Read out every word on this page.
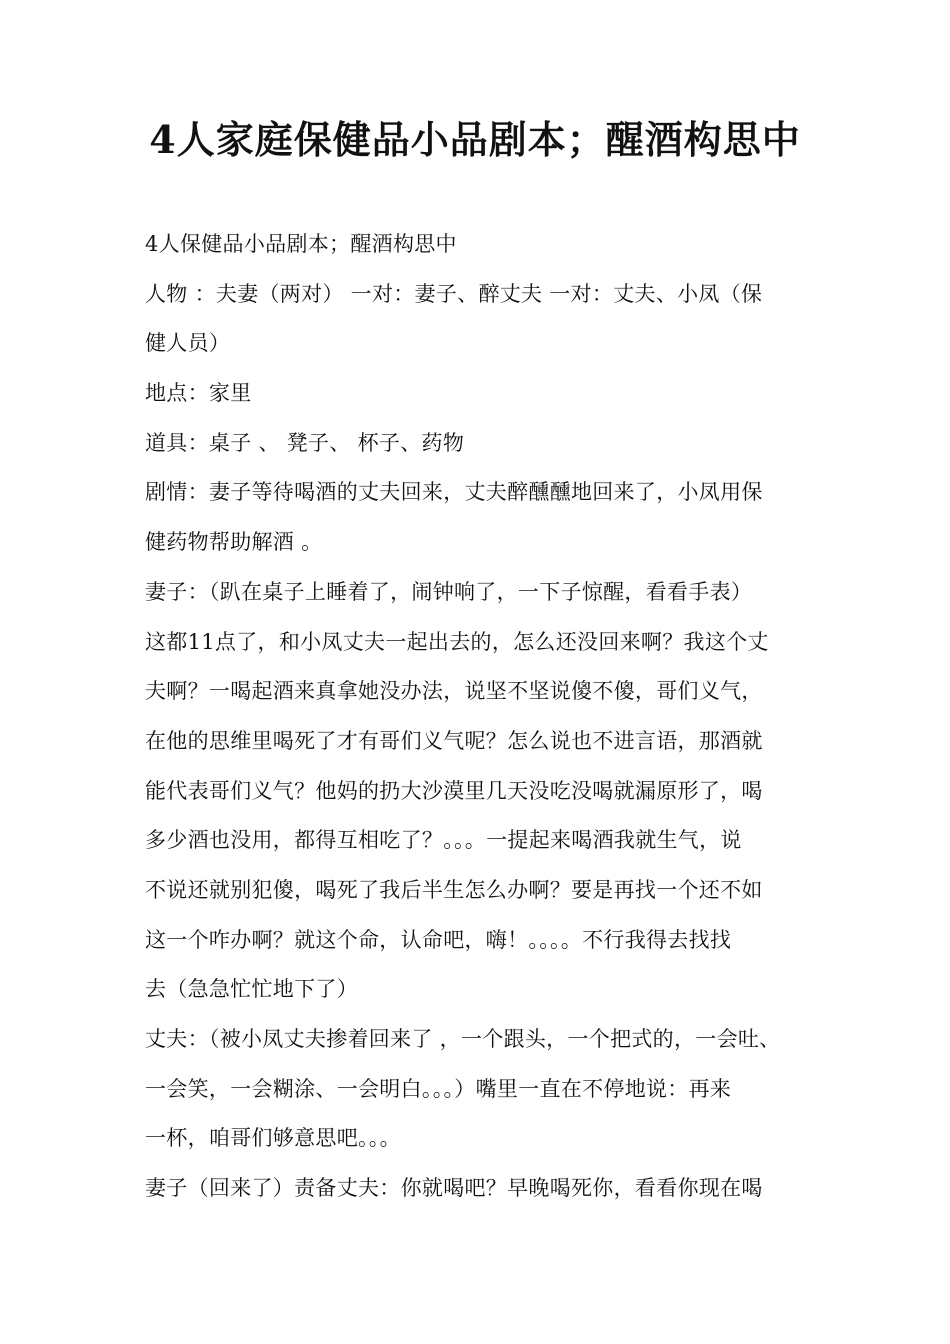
4人家庭保健品小品剧本；醒酒构思中
4人保健品小品剧本；醒酒构思中
人物 ：夫妻（两对） 一对：妻子、醉丈夫 一对：丈夫、小凤（保
健人员）
地点：家里
道具：桌子 、 凳子、 杯子、药物
剧情：妻子等待喝酒的丈夫回来，丈夫醉醺醺地回来了，小凤用保
健药物帮助解酒 。
妻子：（趴在桌子上睡着了，闹钟响了，一下子惊醒，看看手表）
这都11点了，和小凤丈夫一起出去的，怎么还没回来啊？我这个丈
夫啊？一喝起酒来真拿她没办法，说坚不坚说傻不傻，哥们义气，
在他的思维里喝死了才有哥们义气呢？怎么说也不进言语，那酒就
能代表哥们义气？他妈的扔大沙漠里几天没吃没喝就漏原形了，喝
多少酒也没用，都得互相吃了？。。。一提起来喝酒我就生气，说
不说还就别犯傻，喝死了我后半生怎么办啊？要是再找一个还不如
这一个咋办啊？就这个命，认命吧，嗨！。。。。不行我得去找找
去（急急忙忙地下了）
丈夫：（被小凤丈夫掺着回来了 ，一个跟头，一个把式的，一会吐、
一会笑，一会糊涂、一会明白。。。）嘴里一直在不停地说：再来
一杯，咱哥们够意思吧。。。
妻子（回来了）责备丈夫：你就喝吧？早晚喝死你，看看你现在喝
